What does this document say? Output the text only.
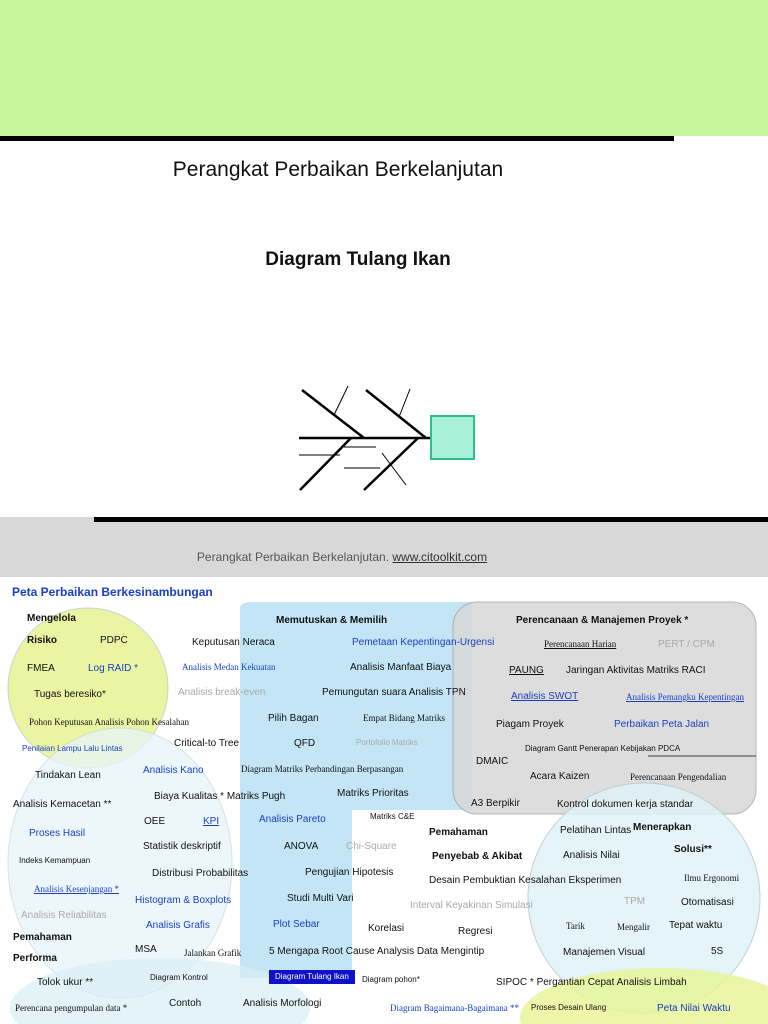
Perangkat Perbaikan Berkelanjutan
Diagram Tulang Ikan
Perangkat Perbaikan Berkelanjutan. www.citoolkit.com
Peta Perbaikan Berkesinambungan
Mengelola
Risiko	PDPC
FMEA	Log RAID *
Tugas beresiko*
Pohon Keputusan Analisis Pohon Kesalahan
Penilaian Lampu Lalu Lintas
Memutuskan & Memilih
Keputusan Neraca	Pemetaan Kepentingan-Urgensi
Analisis Medan Kekuatan	Analisis Manfaat Biaya
Analisis break-even	Pemungutan suara Analisis TPN
Pilih Bagan	Empat Bidang Matriks
Critical-to Tree	QFD	Portofolio Matriks
Tindakan Lean	Analisis Kano	Diagram Matriks Perbandingan Berpasangan
Analisis Kemacetan **
Biaya Kualitas * Matriks Pugh	Matriks Prioritas
OEE	KPI	Analisis Pareto	Matriks C&E
Proses Hasil
Statistik deskriptif	ANOVA	Chi-Square
Pemahaman
Penyebab & Akibat
Indeks Kemampuan
Distribusi Probabilitas	Pengujian Hipotesis
Desain Pembuktian Kesalahan Eksperimen
Analisis Kesenjangan *
Histogram & Boxplots	Studi Multi Vari
Interval Keyakinan Simulasi
Analisis Reliabilitas
Analisis Grafis	Plot Sebar	Korelasi	Regresi
Pemahaman
Performa
MSA	Jalankan Grafik	5 Mengapa Root Cause Analysis Data Mengintip
Tolok ukur **	Diagram Kontrol	Diagram pohon*
Perencana pengumpulan data *	Contoh	Analisis Morfologi	Diagram Bagaimana-Bagaimana **
Perencanaan & Manajemen Proyek *
Perencanaan Harian	PERT / CPM
PAUNG Jaringan Aktivitas Matriks RACI
Analisis SWOT	Analisis Pemangku Kepentingan
Piagam Proyek	Perbaikan Peta Jalan
Diagram Gantt Penerapan Kebijakan PDCA
DMAIC
Acara Kaizen	Perencanaan Pengendalian
A3 Berpikir	Kontrol dokumen kerja standar
Pelatihan Lintas Menerapkan
Analisis Nilai
Solusi**
Ilmu Ergonomi
TPM	Otomatisasi
Tarik	Mengalir Tepat waktu
Manajemen Visual	5S
SIPOC * Pergantian Cepat Analisis Limbah
Proses Desain Ulang	Peta Nilai Waktu
Diagram Tulang Ikan
